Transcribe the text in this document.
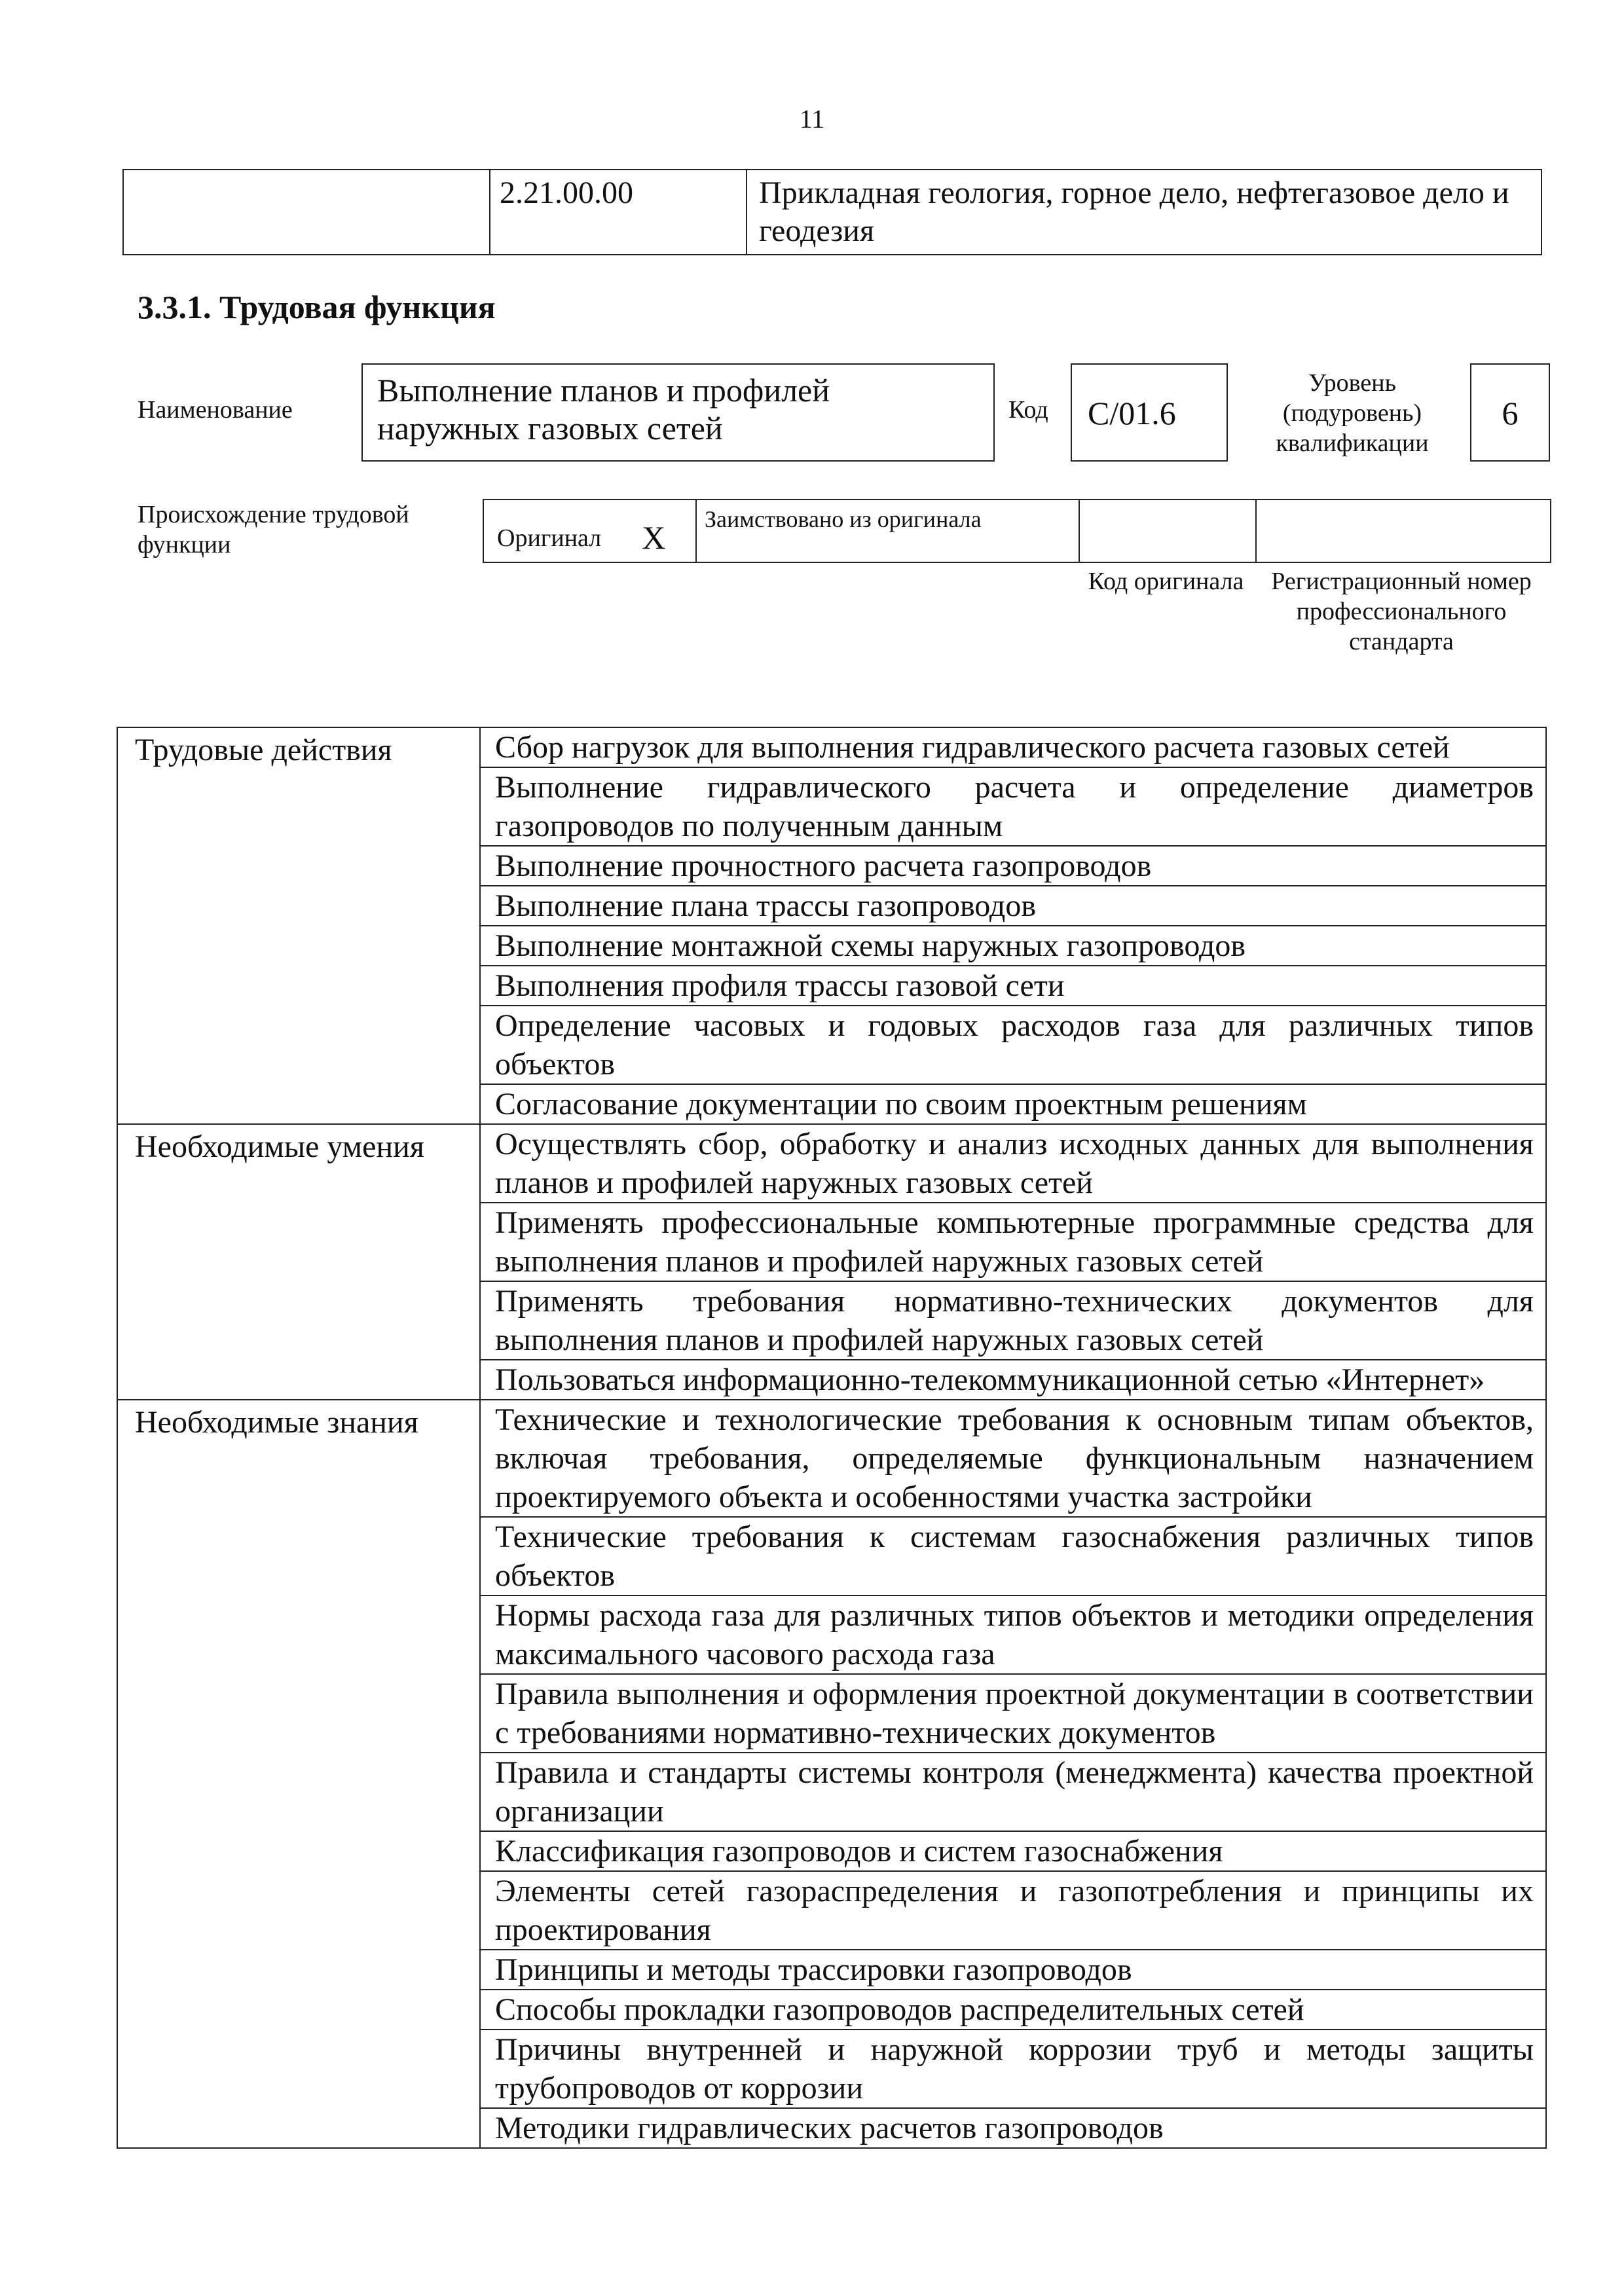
11
	2.21.00.00	Прикладная геология, горное дело, нефтегазовое дело и геодезия
3.3.1. Трудовая функция
Наименование
Выполнение планов и профилей наружных газовых сетей	Код	C/01.6
Уровень (подуровень) квалификации
6
Происхождение трудовой функции	Оригинал X	Заимствовано из оригинала		
Код оригинала	Регистрационный номер профессионального стандарта
Трудовые действия	Сбор нагрузок для выполнения гидравлического расчета газовых сетей
	Выполнение гидравлического расчета и определение диаметров газопроводов по полученным данным
	Выполнение прочностного расчета газопроводов
	Выполнение плана трассы газопроводов
	Выполнение монтажной схемы наружных газопроводов
	Выполнения профиля трассы газовой сети
	Определение часовых и годовых расходов газа для различных типов объектов
	Согласование документации по своим проектным решениям
Необходимые умения	Осуществлять сбор, обработку и анализ исходных данных для выполнения планов и профилей наружных газовых сетей
	Применять профессиональные компьютерные программные средства для выполнения планов и профилей наружных газовых сетей
	Применять требования нормативно-технических документов для выполнения планов и профилей наружных газовых сетей
	Пользоваться информационно-телекоммуникационной сетью «Интернет»
Необходимые знания	Технические и технологические требования к основным типам объектов, включая требования, определяемые функциональным назначением проектируемого объекта и особенностями участка застройки
	Технические требования к системам газоснабжения различных типов объектов
	Нормы расхода газа для различных типов объектов и методики определения максимального часового расхода газа
	Правила выполнения и оформления проектной документации в соответствии с требованиями нормативно-технических документов
	Правила и стандарты системы контроля (менеджмента) качества проектной организации
	Классификация газопроводов и систем газоснабжения
	Элементы сетей газораспределения и газопотребления и принципы их проектирования
	Принципы и методы трассировки газопроводов
	Способы прокладки газопроводов распределительных сетей
	Причины внутренней и наружной коррозии труб и методы защиты трубопроводов от коррозии
	Методики гидравлических расчетов газопроводов
